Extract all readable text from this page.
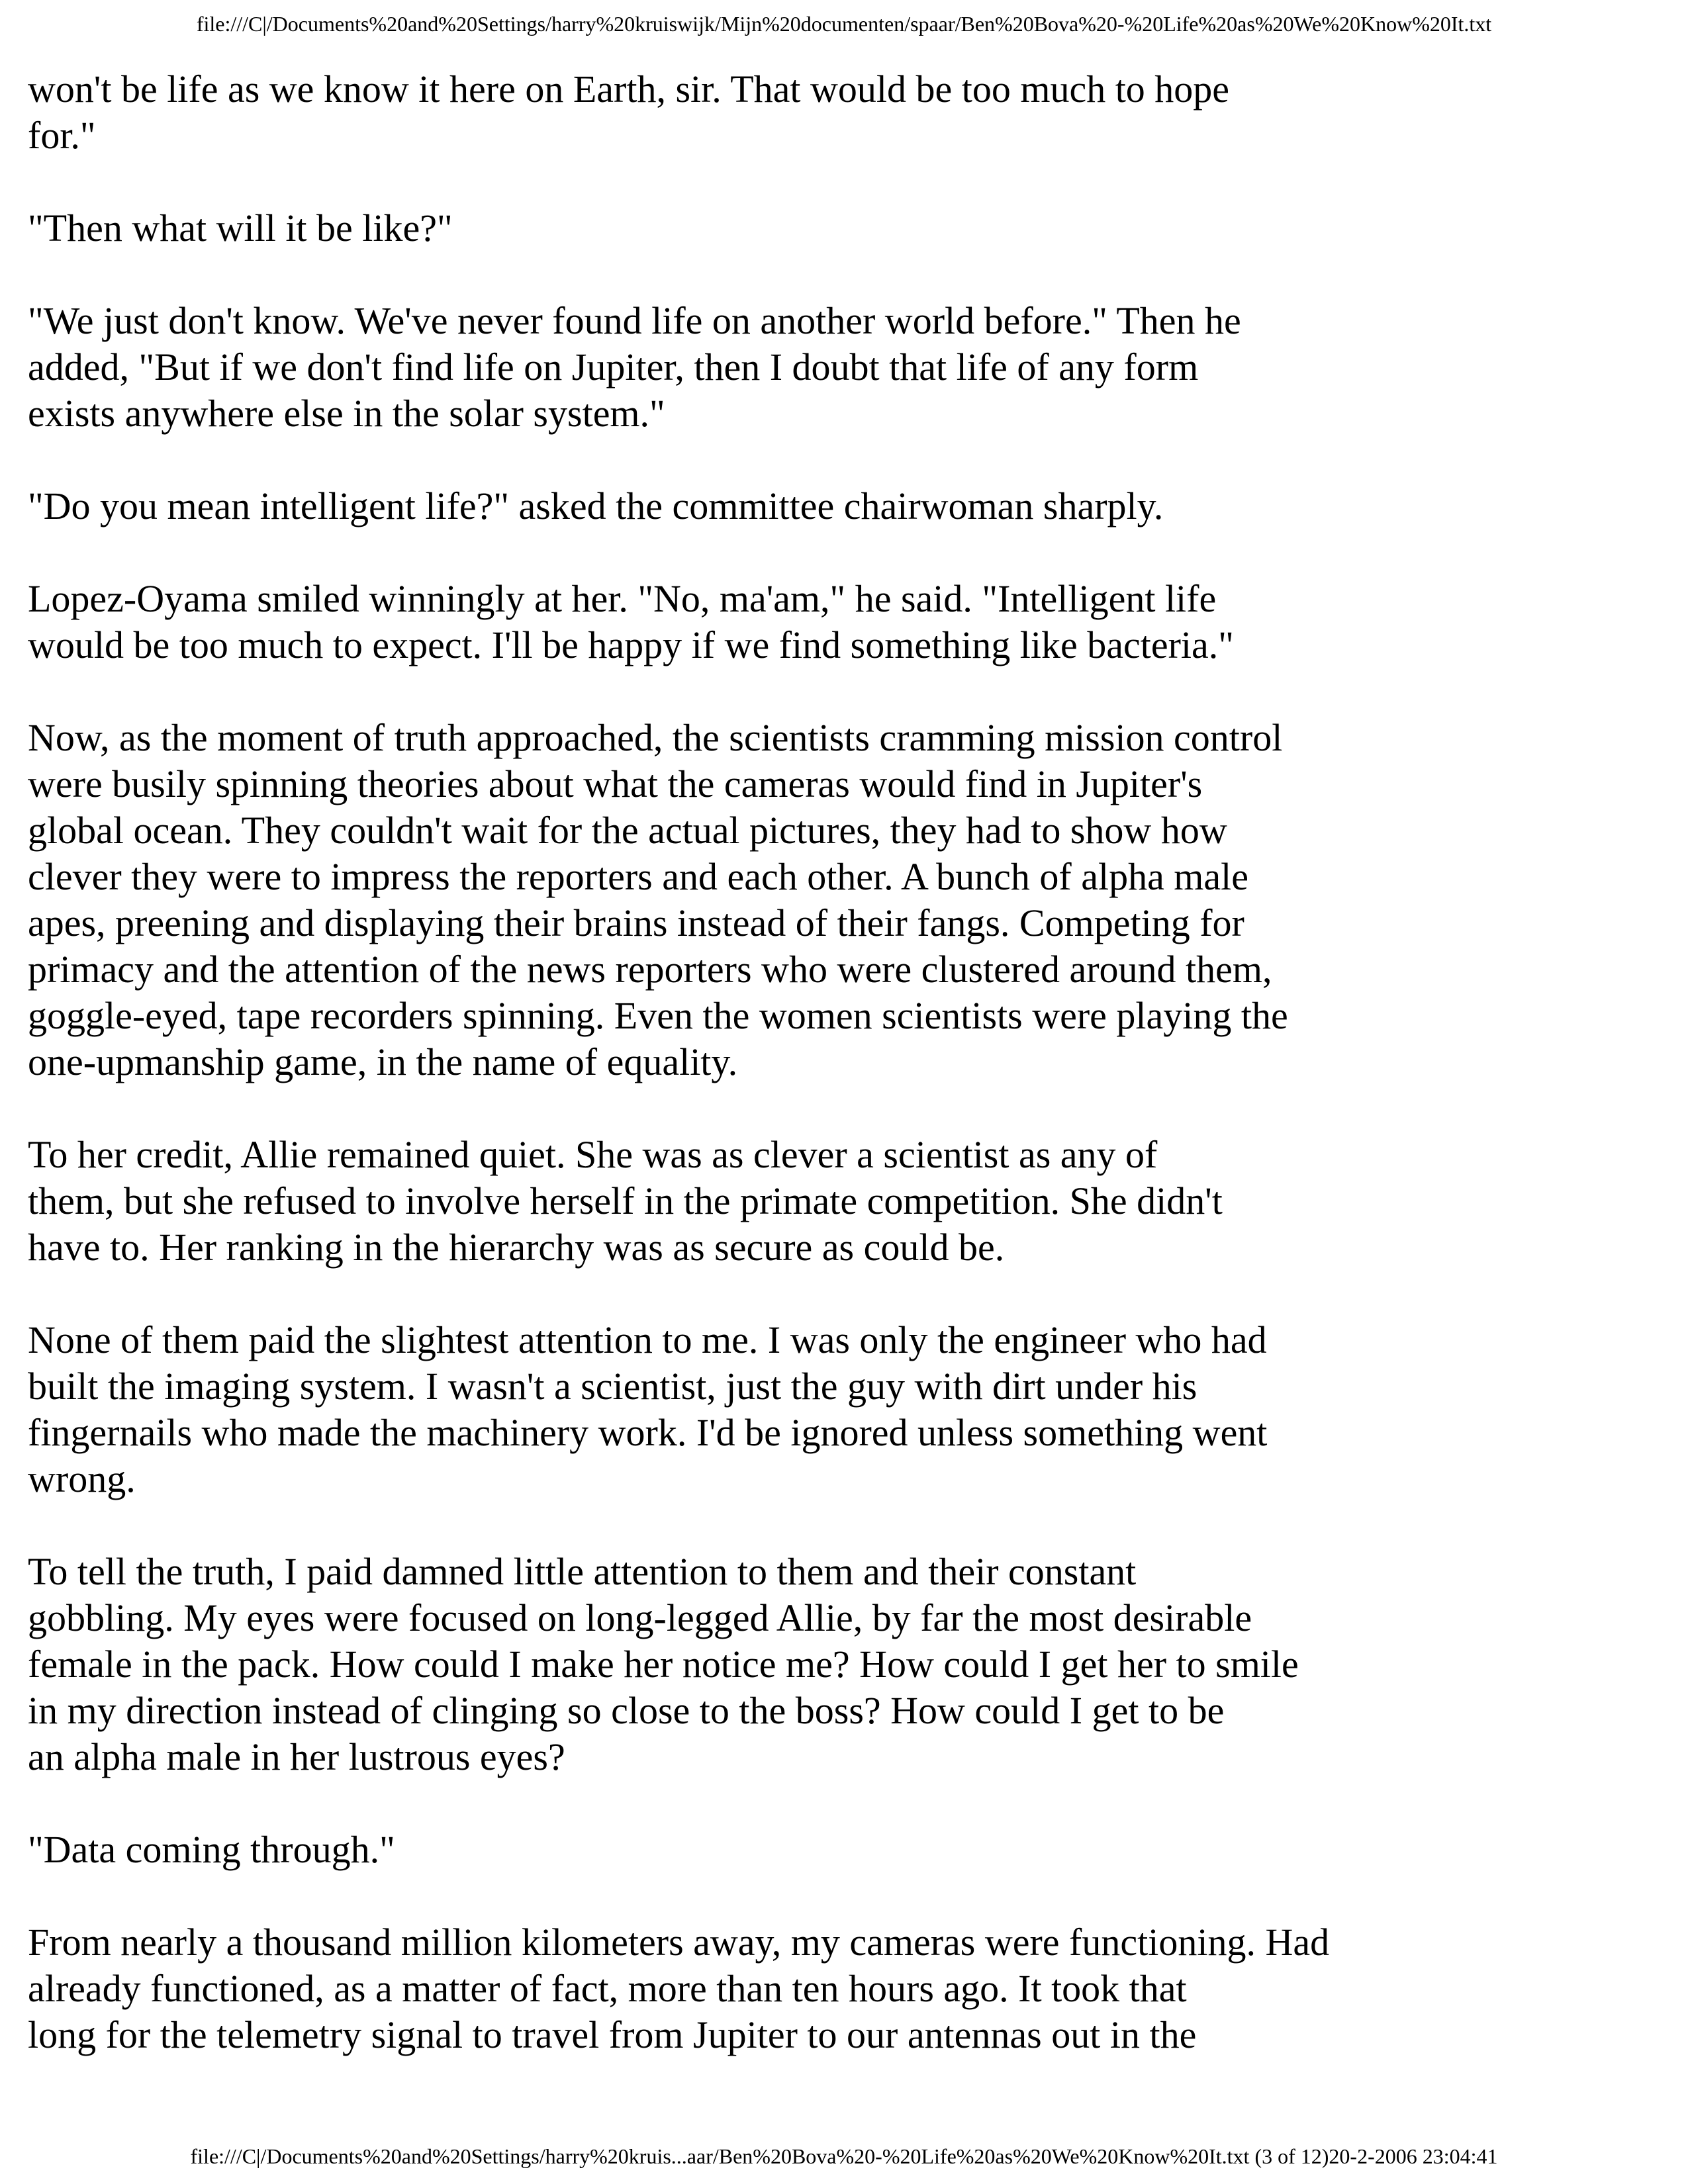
file:///C|/Documents%20and%20Settings/harry%20kruiswijk/Mijn%20documenten/spaar/Ben%20Bova%20-%20Life%20as%20We%20Know%20It.txt
won't be life as we know it here on Earth, sir. That would be too much to hope
for."
"Then what will it be like?"
"We just don't know. We've never found life on another world before." Then he
added, "But if we don't find life on Jupiter, then I doubt that life of any form
exists anywhere else in the solar system."
"Do you mean intelligent life?" asked the committee chairwoman sharply.
Lopez-Oyama smiled winningly at her. "No, ma'am," he said. "Intelligent life
would be too much to expect. I'll be happy if we find something like bacteria."
Now, as the moment of truth approached, the scientists cramming mission control
were busily spinning theories about what the cameras would find in Jupiter's
global ocean. They couldn't wait for the actual pictures, they had to show how
clever they were to impress the reporters and each other. A bunch of alpha male
apes, preening and displaying their brains instead of their fangs. Competing for
primacy and the attention of the news reporters who were clustered around them,
goggle-eyed, tape recorders spinning. Even the women scientists were playing the
one-upmanship game, in the name of equality.
To her credit, Allie remained quiet. She was as clever a scientist as any of
them, but she refused to involve herself in the primate competition. She didn't
have to. Her ranking in the hierarchy was as secure as could be.
None of them paid the slightest attention to me. I was only the engineer who had
built the imaging system. I wasn't a scientist, just the guy with dirt under his
fingernails who made the machinery work. I'd be ignored unless something went
wrong.
To tell the truth, I paid damned little attention to them and their constant
gobbling. My eyes were focused on long-legged Allie, by far the most desirable
female in the pack. How could I make her notice me? How could I get her to smile
in my direction instead of clinging so close to the boss? How could I get to be
an alpha male in her lustrous eyes?
"Data coming through."
From nearly a thousand million kilometers away, my cameras were functioning. Had
already functioned, as a matter of fact, more than ten hours ago. It took that
long for the telemetry signal to travel from Jupiter to our antennas out in the
file:///C|/Documents%20and%20Settings/harry%20kruis...aar/Ben%20Bova%20-%20Life%20as%20We%20Know%20It.txt (3 of 12)20-2-2006 23:04:41
